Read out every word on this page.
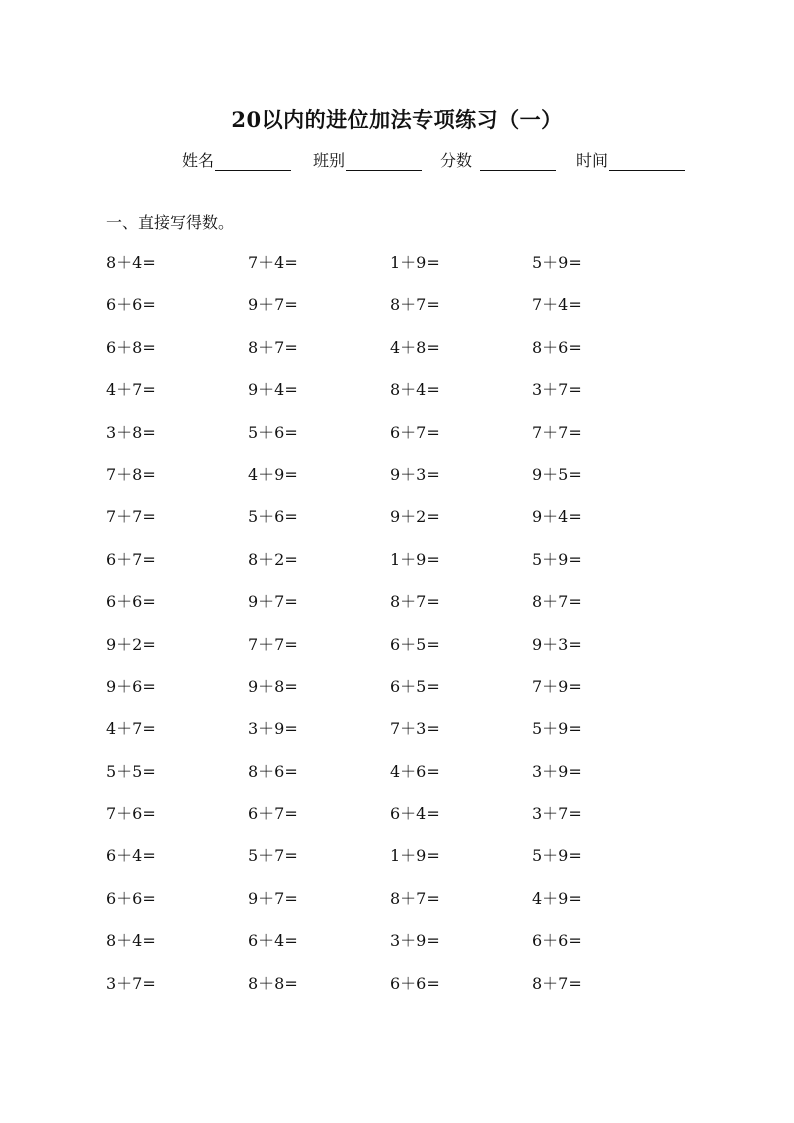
20以内的进位加法专项练习（一）
姓名	班别	分数	时间
一、直接写得数。
8＋4=	7＋4=	1＋9=	5＋9=
6＋6=	9＋7=	8＋7=	7＋4=
6＋8=	8＋7=	4＋8=	8＋6=
4＋7=	9＋4=	8＋4=	3＋7=
3＋8=	5＋6=	6＋7=	7＋7=
7＋8=	4＋9=	9＋3=	9＋5=
7＋7=	5＋6=	9＋2=	9＋4=
6＋7=	8＋2=	1＋9=	5＋9=
6＋6=	9＋7=	8＋7=	8＋7=
9＋2=	7＋7=	6＋5=	9＋3=
9＋6=	9＋8=	6＋5=	7＋9=
4＋7=	3＋9=	7＋3=	5＋9=
5＋5=	8＋6=	4＋6=	3＋9=
7＋6=	6＋7=	6＋4=	3＋7=
6＋4=	5＋7=	1＋9=	5＋9=
6＋6=	9＋7=	8＋7=	4＋9=
8＋4=	6＋4=	3＋9=	6＋6=
3＋7=	8＋8=	6＋6=	8＋7=
